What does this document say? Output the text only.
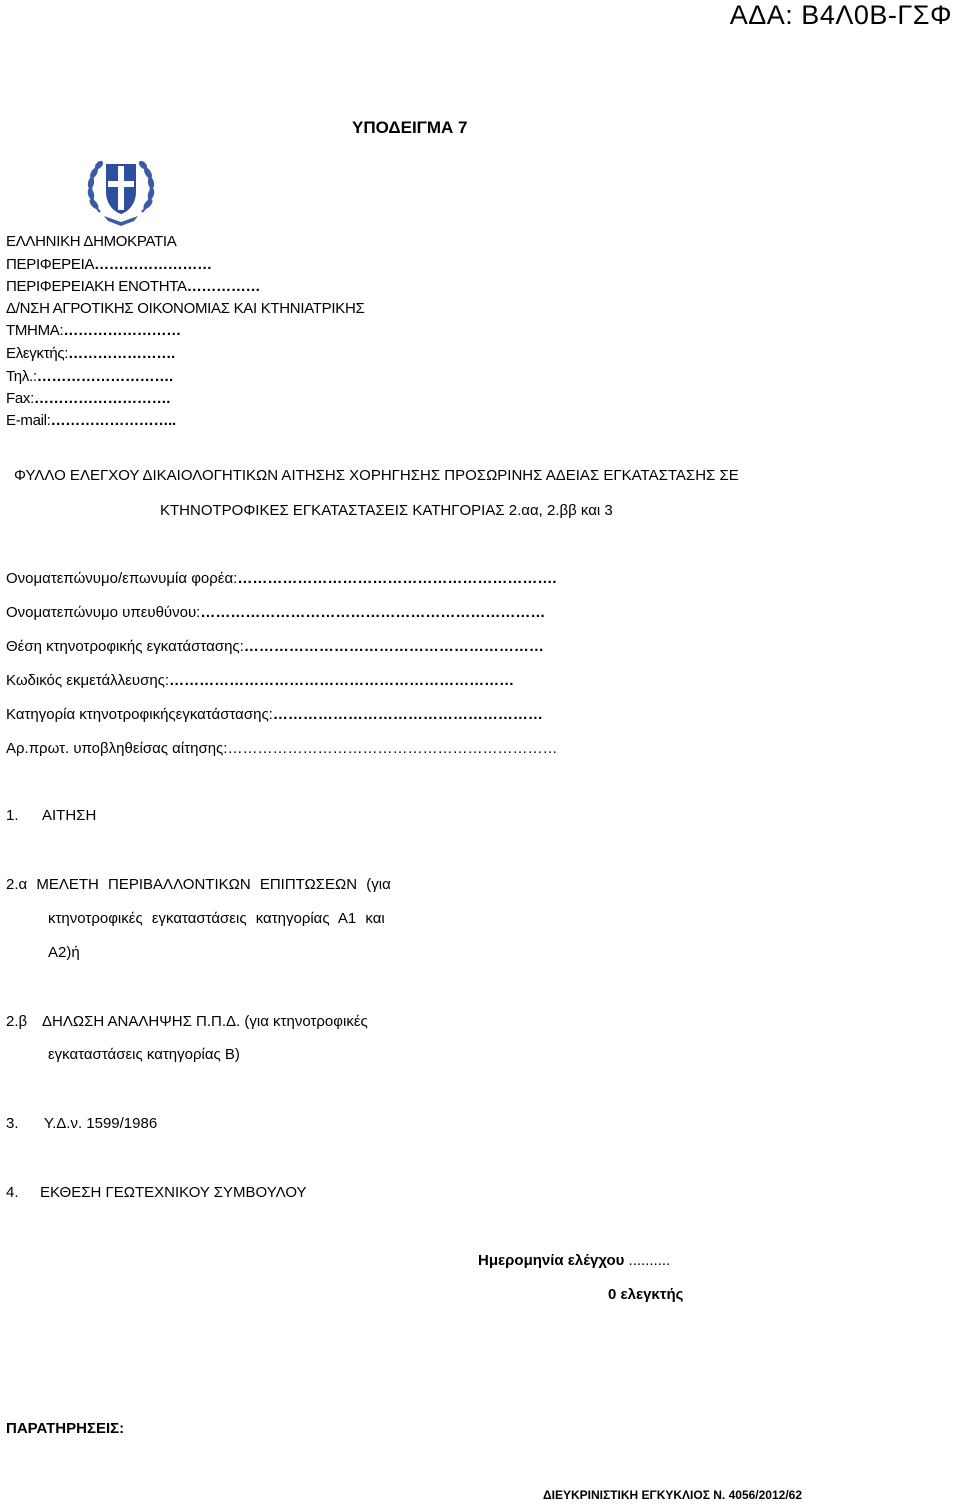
ΑΔΑ: Β4Λ0Β-ΓΣΦ
ΥΠΟΔΕΙΓΜΑ 7
ΕΛΛΗΝΙΚΗ ΔΗΜΟΚΡΑΤΙΑ
ΠΕΡΙΦΕΡΕΙΑ……………………
ΠΕΡΙΦΕΡΕΙΑΚΗ ΕΝΟΤΗΤΑ……………
Δ/ΝΣΗ ΑΓΡΟΤΙΚΗΣ ΟΙΚΟΝΟΜΙΑΣ ΚΑΙ ΚΤΗΝΙΑΤΡΙΚΗΣ
ΤΜΗΜΑ:……………………
Ελεγκτής:………………….
Τηλ.:……………………….
Fax:……………………….
E-mail:……………………..
ΦΥΛΛΟ ΕΛΕΓΧΟΥ ΔΙΚΑΙΟΛΟΓΗΤΙΚΩΝ ΑΙΤΗΣΗΣ ΧΟΡΗΓΗΣΗΣ ΠΡΟΣΩΡΙΝΗΣ ΑΔΕΙΑΣ ΕΓΚΑΤΑΣΤΑΣΗΣ ΣΕ
ΚΤΗΝΟΤΡΟΦΙΚΕΣ ΕΓΚΑΤΑΣΤΑΣΕΙΣ ΚΑΤΗΓΟΡΙΑΣ 2.αα, 2.ββ και 3
Ονοματεπώνυμο/επωνυμία φορέα:……………………………………………………….
Ονοματεπώνυμο υπευθύνου:……………………………………………………………
Θέση κτηνοτροφικής εγκατάστασης:……………………………………………………
Κωδικός εκμετάλλευσης:……………………………………………………………
Κατηγορία κτηνοτροφικήςεγκατάστασης:………………………………………………
Αρ.πρωτ. υποβληθείσας αίτησης:…………………………………………………………
1. ΑΙΤΗΣΗ
2.α ΜΕΛΕΤΗ ΠΕΡΙΒΑΛΛΟΝΤΙΚΩΝ ΕΠΙΠΤΩΣΕΩΝ (για
κτηνοτροφικές εγκαταστάσεις κατηγορίας Α1 και
Α2)ή
2.β ΔΗΛΩΣΗ ΑΝΑΛΗΨΗΣ Π.Π.Δ. (για κτηνοτροφικές
εγκαταστάσεις κατηγορίας Β)
3. Υ.Δ.ν. 1599/1986
4. ΕΚΘΕΣΗ ΓΕΩΤΕΧΝΙΚΟΥ ΣΥΜΒΟΥΛΟΥ
Ημερομηνία ελέγχου ..........
0 ελεγκτής
ΠΑΡΑΤΗΡΗΣΕΙΣ:
ΔΙΕΥΚΡΙΝΙΣΤΙΚΗ ΕΓΚΥΚΛΙΟΣ Ν. 4056/2012/62
